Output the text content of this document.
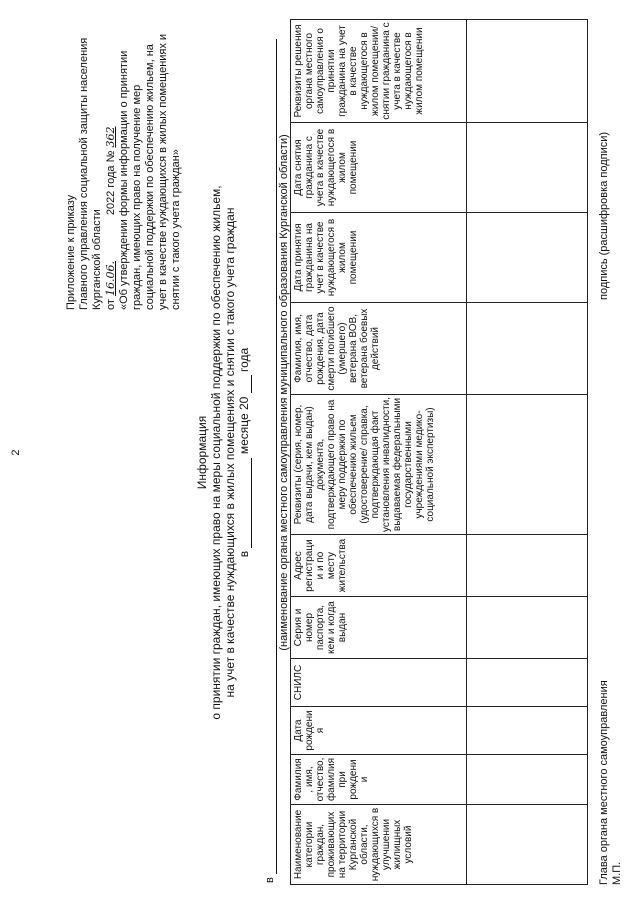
2
Приложение к приказу Главного управления социальной защиты населения Курганской области от 16.06.               2022 года № 362 «Об утверждении формы информации о принятии граждан, имеющих право на получение мер социальной поддержки по обеспечению жильем, на учет в качестве нуждающихся в жилых помещениях и снятии с такого учета граждан»
Информация о принятии граждан, имеющих право на меры социальной поддержки по обеспечению жильем, на учет в качестве нуждающихся в жилых помещениях и снятии с такого учета граждан в   месяце 20   года
в
(наименование органа местного самоуправления муниципального образования Курганской области)
Наименование категории граждан, проживающих на территории Курганской области, нуждающихся в улучшении жилищных условий	Фамилия, имя, отчество, фамилия при рождении	Дата рождения	СНИЛС	Серия и номер паспорта, кем и когда выдан	Адрес регистрации и по месту жительства	Реквизиты (серия, номер, дата выдачи, кем выдан) документа, подтверждающего право на меру поддержки по обеспечению жильем (удостоверение/ справка, подтверждающая факт установления инвалидности, выдаваемая федеральными государственными учреждениями медико-социальной экспертизы)	Фамилия, имя, отчество, дата рождения, дата смерти погибшего (умершего) ветерана ВОВ, ветерана боевых действий	Дата принятия гражданина на учет в качестве нуждающегося в жилом помещении	Дата снятия гражданина с учета в качестве нуждающегося в жилом помещении	Реквизиты решения органа местного самоуправления о принятии гражданина на учет в качестве нуждающегося в жилом помещении/ снятии гражданина с учета в качестве нуждающегося в жилом помещении

Глава органа местного самоуправления М.П.
подпись (расшифровка подписи)
